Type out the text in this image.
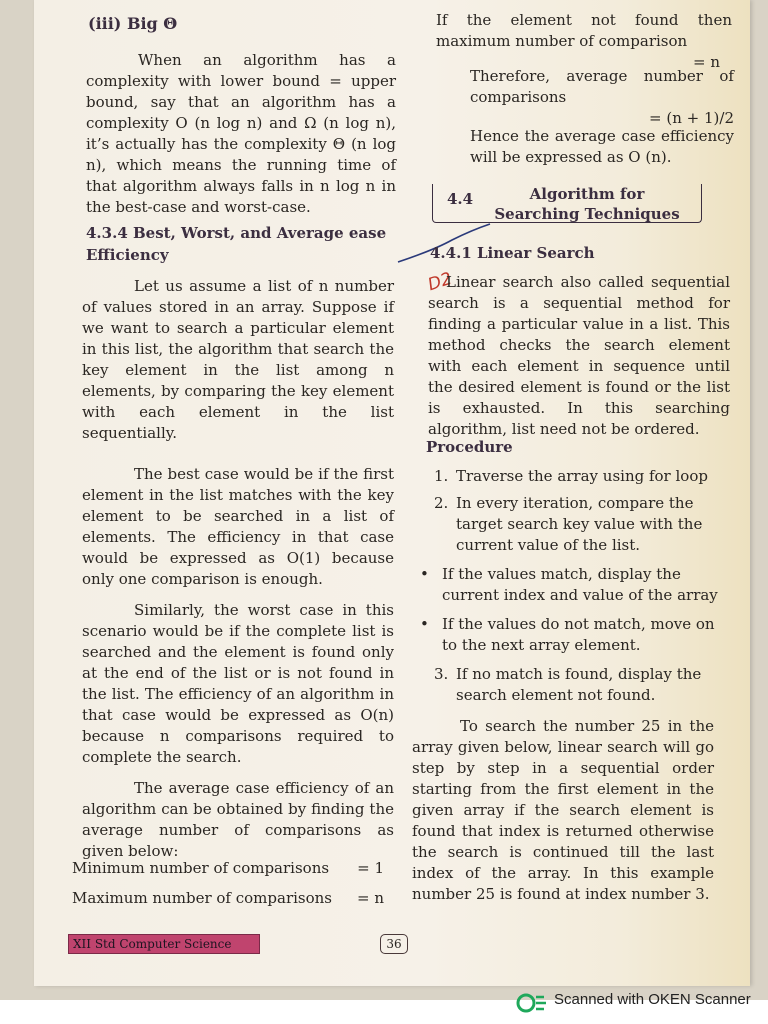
(iii) Big Θ

When an algorithm has a complexity with lower bound = upper bound, say that an algorithm has a complexity O (n log n) and Ω (n log n), it’s actually has the complexity Θ (n log n), which means the running time of that algorithm always falls in n log n in the best-case and worst-case.

4.3.4 Best, Worst, and Average ease Efficiency

Let us assume a list of n number of values stored in an array. Suppose if we want to search a particular element in this list, the algorithm that search the key element in the list among n elements, by comparing the key element with each element in the list sequentially.

The best case would be if the first element in the list matches with the key element to be searched in a list of elements. The efficiency in that case would be expressed as O(1) because only one comparison is enough.

Similarly, the worst case in this scenario would be if the complete list is searched and the element is found only at the end of the list or is not found in the list. The efficiency of an algorithm in that case would be expressed as O(n) because n comparisons required to complete the search.

The average case efficiency of an algorithm can be obtained by finding the average number of comparisons as given below:

Minimum number of comparisons = 1
Maximum number of comparisons = n

If the element not found then maximum number of comparison

= n

Therefore, average number of comparisons

= (n + 1)/2

Hence the average case efficiency will be expressed as O (n).
4.4	Algorithm for Searching Techniques
D2
4.4.1 Linear Search
Linear search also called sequential search is a sequential method for finding a particular value in a list. This method checks the search element with each element in sequence until the desired element is found or the list is exhausted. In this searching algorithm, list need not be ordered.
Procedure
1. Traverse the array using for loop
2. In every iteration, compare the target search key value with the current value of the list.
• If the values match, display the current index and value of the array
• If the values do not match, move on to the next array element.
3. If no match is found, display the search element not found.
To search the number 25 in the array given below, linear search will go step by step in a sequential order starting from the first element in the given array if the search element is found that index is returned otherwise the search is continued till the last index of the array. In this example number 25 is found at index number 3.
XII Std Computer Science	36
Scanned with OKEN Scanner
